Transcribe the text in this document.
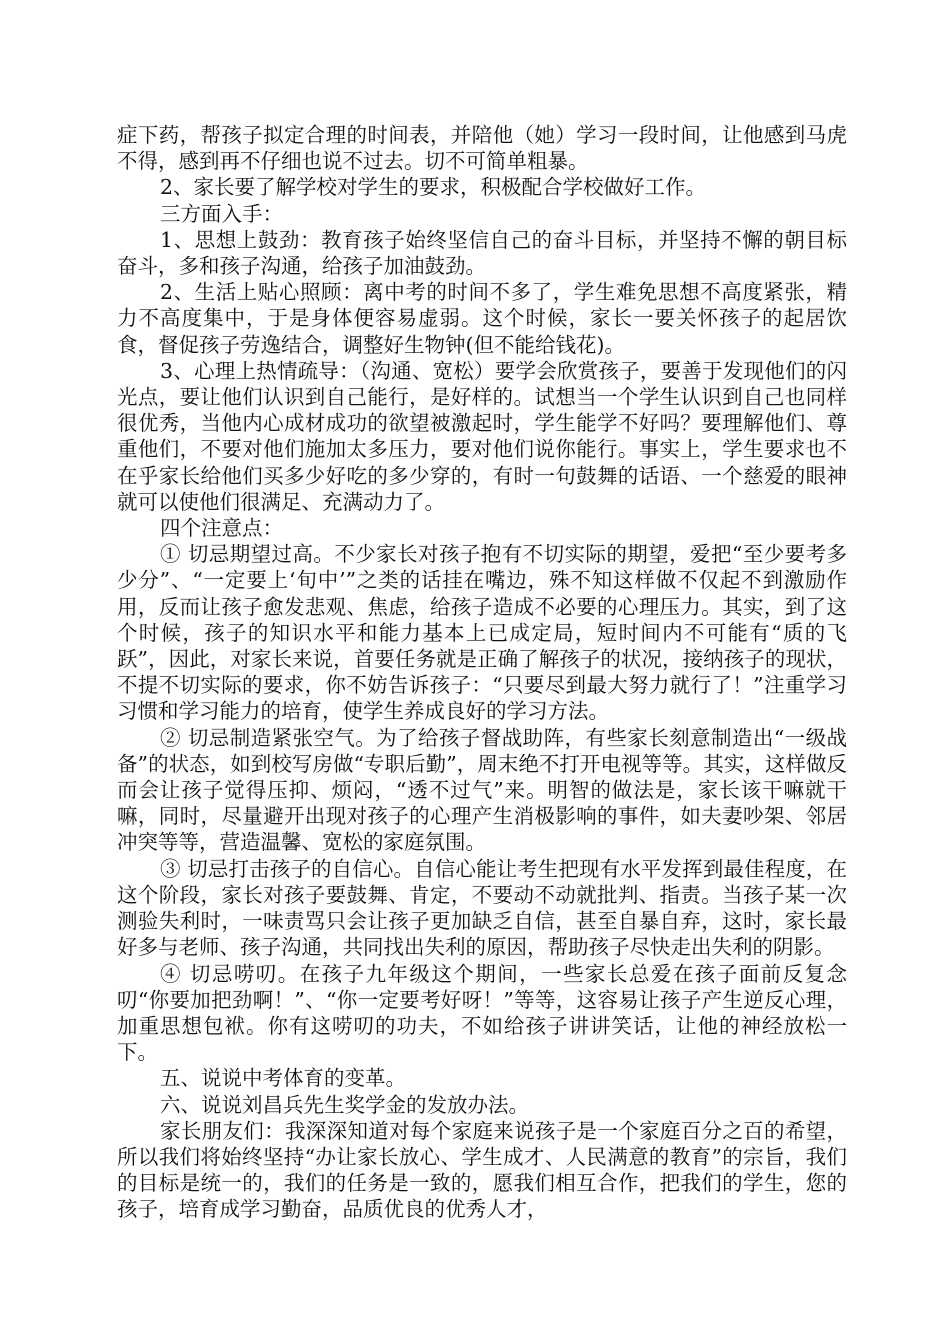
症下药，帮孩子拟定合理的时间表，并陪他（她）学习一段时间，让他感到马虎不得，感到再不仔细也说不过去。切不可简单粗暴。

2、家长要了解学校对学生的要求，积极配合学校做好工作。

三方面入手：

1、思想上鼓劲：教育孩子始终坚信自己的奋斗目标，并坚持不懈的朝目标奋斗，多和孩子沟通，给孩子加油鼓劲。

2、生活上贴心照顾：离中考的时间不多了，学生难免思想不高度紧张，精力不高度集中，于是身体便容易虚弱。这个时候，家长一要关怀孩子的起居饮食，督促孩子劳逸结合，调整好生物钟(但不能给钱花)。

3、心理上热情疏导：（沟通、宽松）要学会欣赏孩子，要善于发现他们的闪光点，要让他们认识到自己能行，是好样的。试想当一个学生认识到自己也同样很优秀，当他内心成材成功的欲望被激起时，学生能学不好吗？要理解他们、尊重他们，不要对他们施加太多压力，要对他们说你能行。事实上，学生要求也不在乎家长给他们买多少好吃的多少穿的，有时一句鼓舞的话语、一个慈爱的眼神就可以使他们很满足、充满动力了。

四个注意点：

① 切忌期望过高。不少家长对孩子抱有不切实际的期望，爱把“至少要考多少分”、“一定要上‘旬中’”之类的话挂在嘴边，殊不知这样做不仅起不到激励作用，反而让孩子愈发悲观、焦虑，给孩子造成不必要的心理压力。其实，到了这个时候，孩子的知识水平和能力基本上已成定局，短时间内不可能有“质的飞跃”，因此，对家长来说，首要任务就是正确了解孩子的状况，接纳孩子的现状，不提不切实际的要求，你不妨告诉孩子：“只要尽到最大努力就行了！”注重学习习惯和学习能力的培育，使学生养成良好的学习方法。

② 切忌制造紧张空气。为了给孩子督战助阵，有些家长刻意制造出“一级战备”的状态，如到校写房做“专职后勤”，周末绝不打开电视等等。其实，这样做反而会让孩子觉得压抑、烦闷，“透不过气”来。明智的做法是，家长该干嘛就干嘛，同时，尽量避开出现对孩子的心理产生消极影响的事件，如夫妻吵架、邻居冲突等等，营造温馨、宽松的家庭氛围。

③ 切忌打击孩子的自信心。自信心能让考生把现有水平发挥到最佳程度，在这个阶段，家长对孩子要鼓舞、肯定，不要动不动就批判、指责。当孩子某一次测验失利时，一味责骂只会让孩子更加缺乏自信，甚至自暴自弃，这时，家长最好多与老师、孩子沟通，共同找出失利的原因，帮助孩子尽快走出失利的阴影。

④ 切忌唠叨。在孩子九年级这个期间，一些家长总爱在孩子面前反复念叨“你要加把劲啊！”、“你一定要考好呀！”等等，这容易让孩子产生逆反心理，加重思想包袱。你有这唠叨的功夫，不如给孩子讲讲笑话，让他的神经放松一下。

五、说说中考体育的变革。

六、说说刘昌兵先生奖学金的发放办法。

家长朋友们：我深深知道对每个家庭来说孩子是一个家庭百分之百的希望，所以我们将始终坚持“办让家长放心、学生成才、人民满意的教育”的宗旨，我们的目标是统一的，我们的任务是一致的，愿我们相互合作，把我们的学生，您的孩子，培育成学习勤奋，品质优良的优秀人才，
